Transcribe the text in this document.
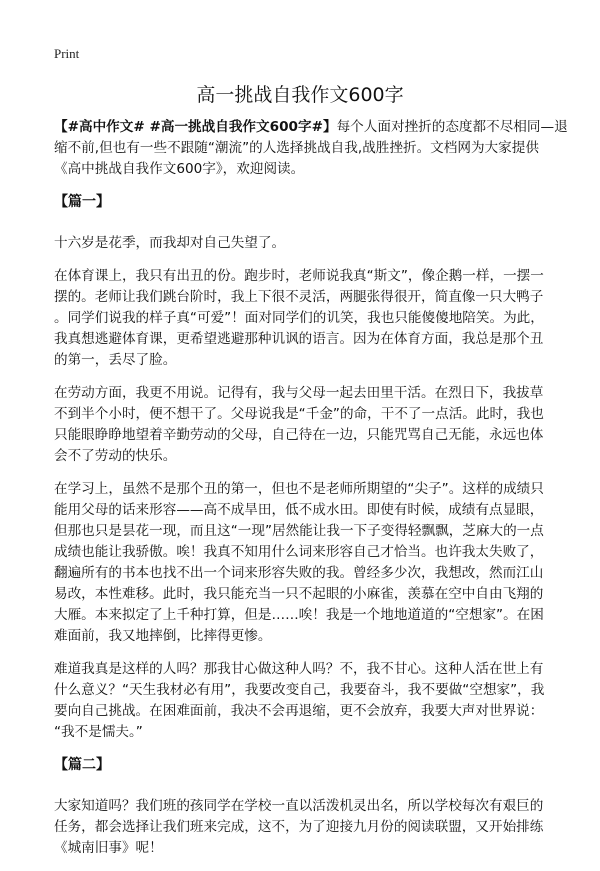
Print
高一挑战自我作文600字
【#高中作文# #高一挑战自我作文600字#】每个人面对挫折的态度都不尽相同—退
缩不前,但也有一些不跟随“潮流”的人选择挑战自我,战胜挫折。文档网为大家提供
《高中挑战自我作文600字》，欢迎阅读。
【篇一】
十六岁是花季，而我却对自己失望了。
在体育课上，我只有出丑的份。跑步时，老师说我真“斯文”，像企鹅一样，一摆一
摆的。老师让我们跳台阶时，我上下很不灵活，两腿张得很开，简直像一只大鸭子
。同学们说我的样子真“可爱”！面对同学们的讥笑，我也只能傻傻地陪笑。为此，
我真想逃避体育课，更希望逃避那种讥讽的语言。因为在体育方面，我总是那个丑
的第一，丢尽了脸。
在劳动方面，我更不用说。记得有，我与父母一起去田里干活。在烈日下，我拔草
不到半个小时，便不想干了。父母说我是“千金”的命，干不了一点活。此时，我也
只能眼睁睁地望着辛勤劳动的父母，自己待在一边，只能咒骂自己无能，永远也体
会不了劳动的快乐。
在学习上，虽然不是那个丑的第一，但也不是老师所期望的“尖子”。这样的成绩只
能用父母的话来形容——高不成旱田，低不成水田。即使有时候，成绩有点显眼，
但那也只是昙花一现，而且这“一现”居然能让我一下子变得轻飘飘，芝麻大的一点
成绩也能让我骄傲。唉！我真不知用什么词来形容自己才恰当。也许我太失败了，
翻遍所有的书本也找不出一个词来形容失败的我。曾经多少次，我想改，然而江山
易改，本性难移。此时，我只能充当一只不起眼的小麻雀，羡慕在空中自由飞翔的
大雁。本来拟定了上千种打算，但是……唉！我是一个地地道道的“空想家”。在困
难面前，我又地摔倒，比摔得更惨。
难道我真是这样的人吗？那我甘心做这种人吗？不，我不甘心。这种人活在世上有
什么意义？“天生我材必有用”，我要改变自己，我要奋斗，我不要做“空想家”，我
要向自己挑战。在困难面前，我决不会再退缩，更不会放弃，我要大声对世界说：
“我不是懦夫。”
【篇二】
大家知道吗？我们班的孩同学在学校一直以活泼机灵出名，所以学校每次有艰巨的
任务，都会选择让我们班来完成，这不，为了迎接九月份的阅读联盟，又开始排练
《城南旧事》呢！
